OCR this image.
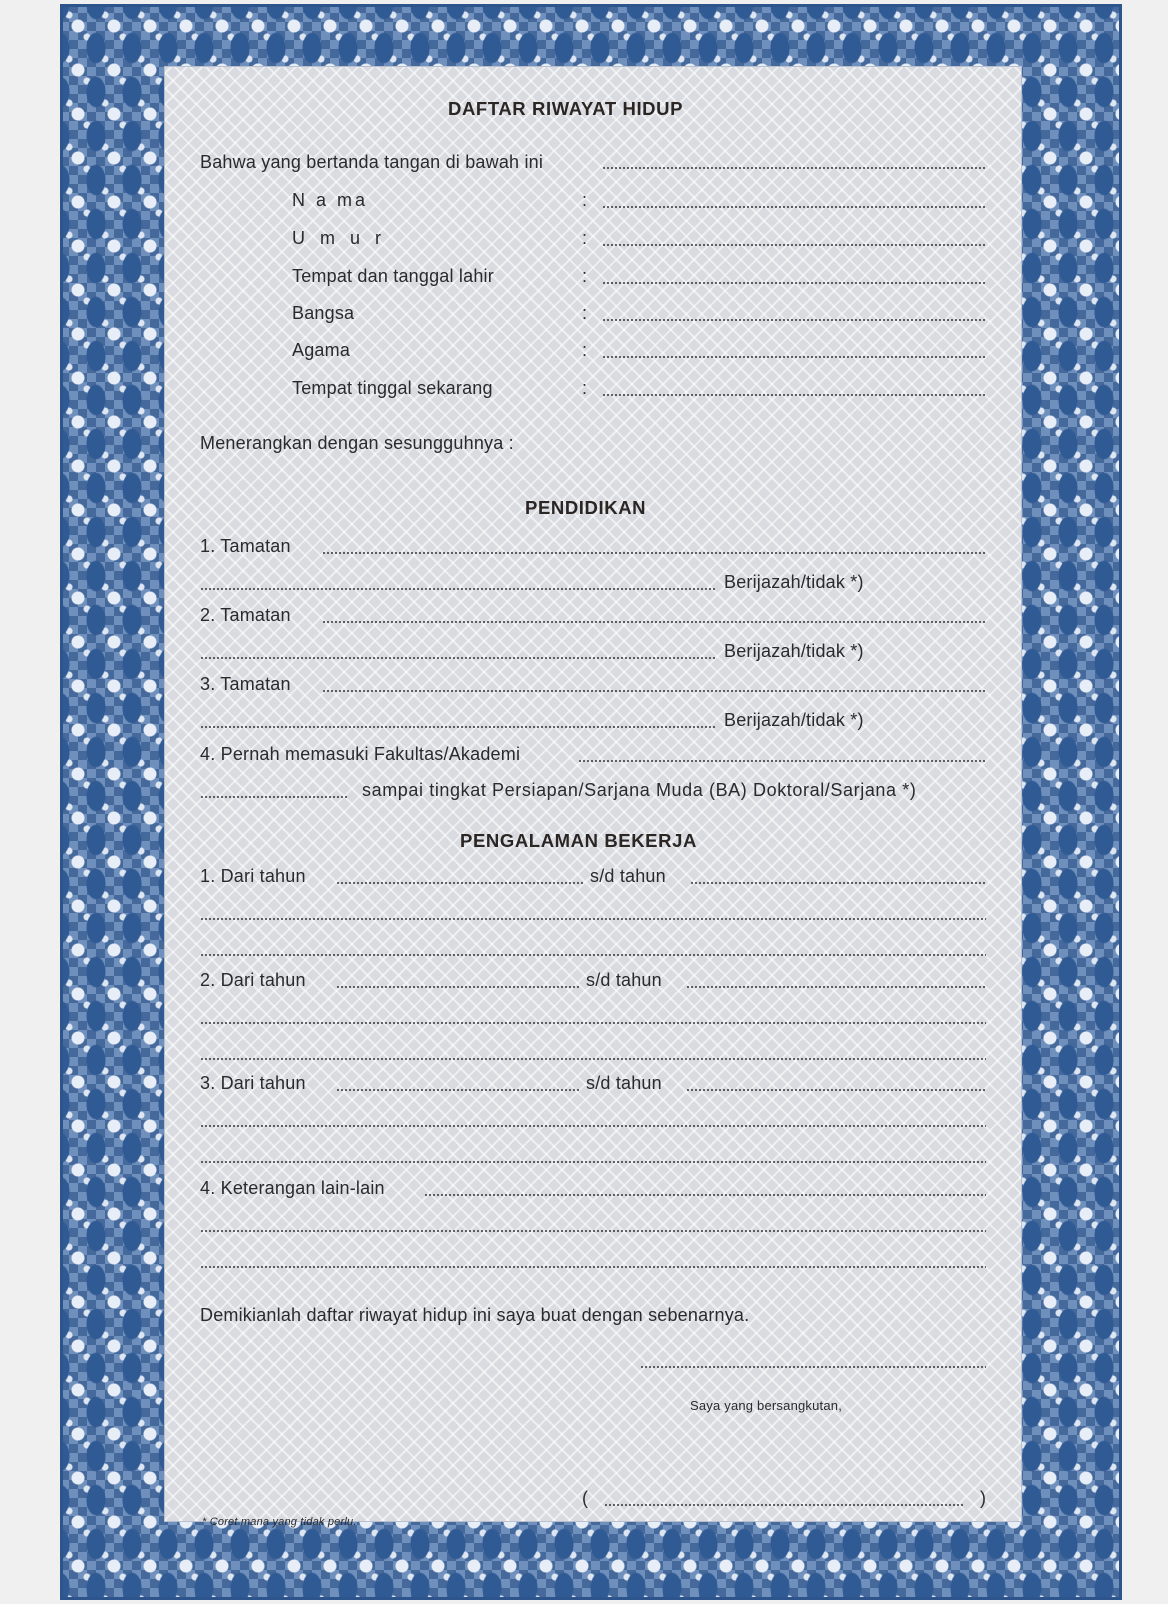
DAFTAR RIWAYAT HIDUP
Bahwa yang bertanda tangan di bawah ini
N a ma	:
U m u r	:
Tempat dan tanggal lahir	:
Bangsa	:
Agama	:
Tempat tinggal sekarang	:
Menerangkan dengan sesungguhnya :
PENDIDIKAN
1. Tamatan
Berijazah/tidak *)
2. Tamatan
Berijazah/tidak *)
3. Tamatan
Berijazah/tidak *)
4. Pernah memasuki Fakultas/Akademi
sampai tingkat Persiapan/Sarjana Muda (BA) Doktoral/Sarjana *)
PENGALAMAN BEKERJA
1. Dari tahun	s/d tahun
2. Dari tahun	s/d tahun
3. Dari tahun	s/d tahun
4. Keterangan lain-lain
Demikianlah daftar riwayat hidup ini saya buat dengan sebenarnya.
Saya yang bersangkutan,
(	)
* Coret mana yang tidak perlu.
